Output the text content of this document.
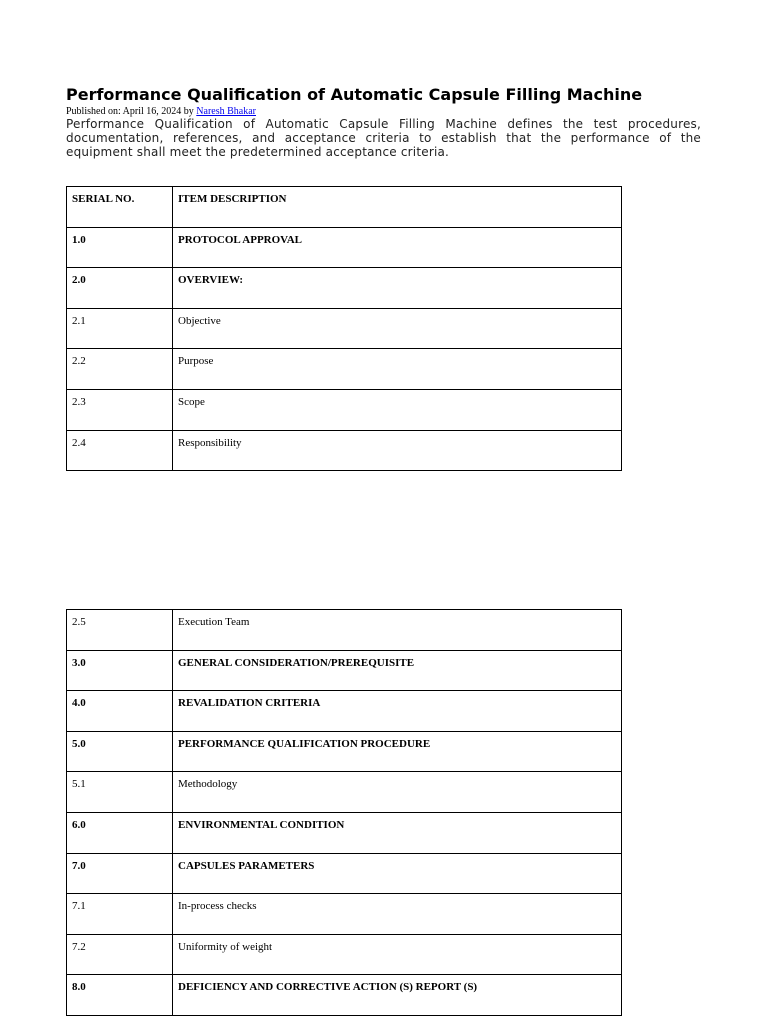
Performance Qualification of Automatic Capsule Filling Machine
Published on: April 16, 2024 by Naresh Bhakar
Performance Qualification of Automatic Capsule Filling Machine defines the test procedures, documentation, references, and acceptance criteria to establish that the performance of the equipment shall meet the predetermined acceptance criteria.
SERIAL NO.	ITEM DESCRIPTION
1.0	PROTOCOL APPROVAL
2.0	OVERVIEW:
2.1	Objective
2.2	Purpose
2.3	Scope
2.4	Responsibility
2.5	Execution Team
3.0	GENERAL CONSIDERATION/PREREQUISITE
4.0	REVALIDATION CRITERIA
5.0	PERFORMANCE QUALIFICATION PROCEDURE
5.1	Methodology
6.0	ENVIRONMENTAL CONDITION
7.0	CAPSULES PARAMETERS
7.1	In-process checks
7.2	Uniformity of weight
8.0	DEFICIENCY AND CORRECTIVE ACTION (S) REPORT (S)
